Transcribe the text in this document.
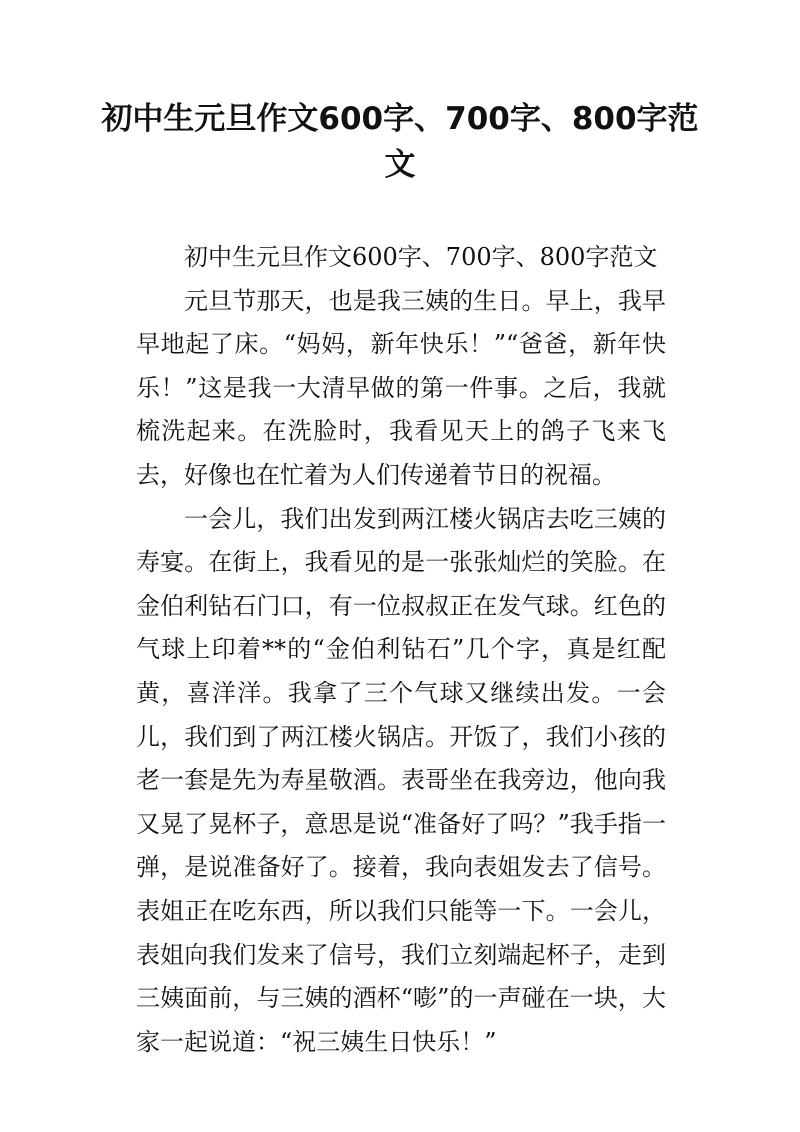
初中生元旦作文600字、700字、800字范文

初中生元旦作文600字、700字、800字范文

元旦节那天，也是我三姨的生日。早上，我早早地起了床。“妈妈，新年快乐！”“爸爸，新年快乐！”这是我一大清早做的第一件事。之后，我就梳洗起来。在洗脸时，我看见天上的鸽子飞来飞去，好像也在忙着为人们传递着节日的祝福。

一会儿，我们出发到两江楼火锅店去吃三姨的寿宴。在街上，我看见的是一张张灿烂的笑脸。在金伯利钻石门口，有一位叔叔正在发气球。红色的气球上印着**的“金伯利钻石”几个字，真是红配黄，喜洋洋。我拿了三个气球又继续出发。一会儿，我们到了两江楼火锅店。开饭了，我们小孩的老一套是先为寿星敬酒。表哥坐在我旁边，他向我又晃了晃杯子，意思是说“准备好了吗？”我手指一弹，是说准备好了。接着，我向表姐发去了信号。表姐正在吃东西，所以我们只能等一下。一会儿，表姐向我们发来了信号，我们立刻端起杯子，走到三姨面前，与三姨的酒杯“嘭”的一声碰在一块，大家一起说道：“祝三姨生日快乐！”
